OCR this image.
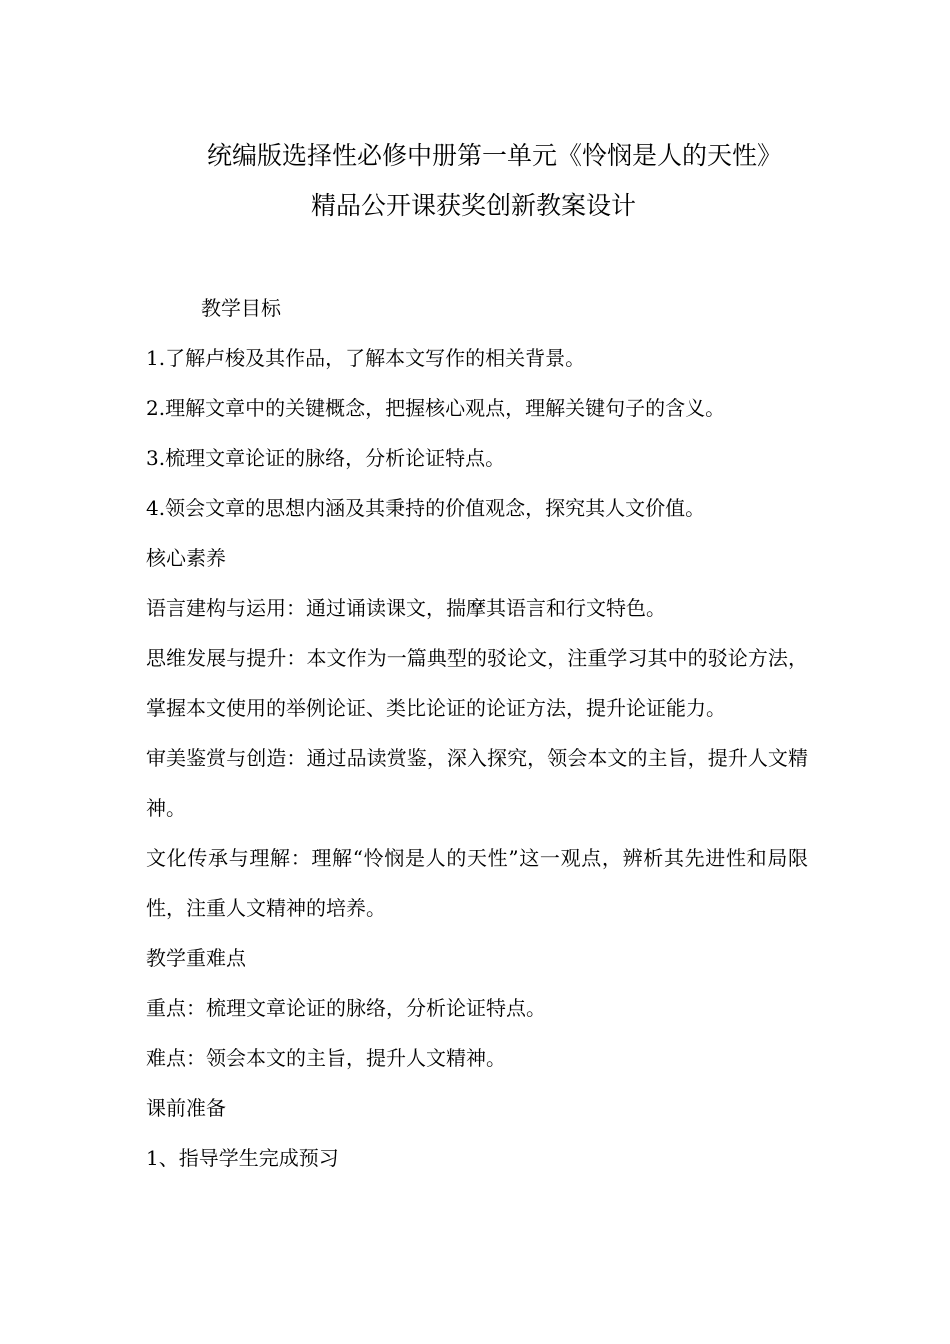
统编版选择性必修中册第一单元《怜悯是人的天性》
精品公开课获奖创新教案设计

教学目标

1.了解卢梭及其作品，了解本文写作的相关背景。

2.理解文章中的关键概念，把握核心观点，理解关键句子的含义。

3.梳理文章论证的脉络，分析论证特点。

4.领会文章的思想内涵及其秉持的价值观念，探究其人文价值。

核心素养

语言建构与运用：通过诵读课文，揣摩其语言和行文特色。

思维发展与提升：本文作为一篇典型的驳论文，注重学习其中的驳论方法，掌握本文使用的举例论证、类比论证的论证方法，提升论证能力。

审美鉴赏与创造：通过品读赏鉴，深入探究，领会本文的主旨，提升人文精神。

文化传承与理解：理解“怜悯是人的天性”这一观点，辨析其先进性和局限性，注重人文精神的培养。

教学重难点

重点：梳理文章论证的脉络，分析论证特点。

难点：领会本文的主旨，提升人文精神。

课前准备

1、指导学生完成预习
